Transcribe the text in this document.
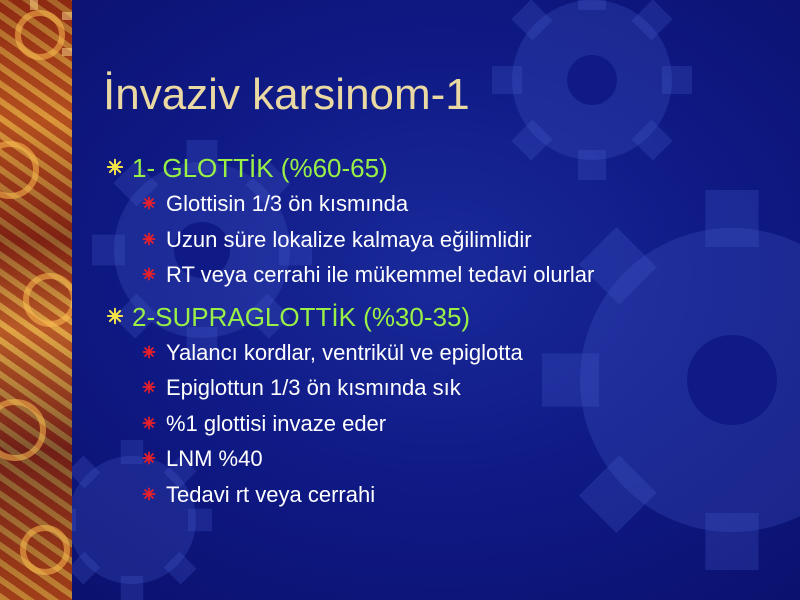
İnvaziv karsinom-1
1- GLOTTİK (%60-65)
Glottisin 1/3 ön kısmında
Uzun süre lokalize kalmaya eğilimlidir
RT veya cerrahi ile mükemmel tedavi olurlar
2-SUPRAGLOTTİK (%30-35)
Yalancı kordlar, ventrikül ve epiglotta
Epiglottun 1/3 ön kısmında sık
%1 glottisi invaze eder
LNM %40
Tedavi rt veya cerrahi
